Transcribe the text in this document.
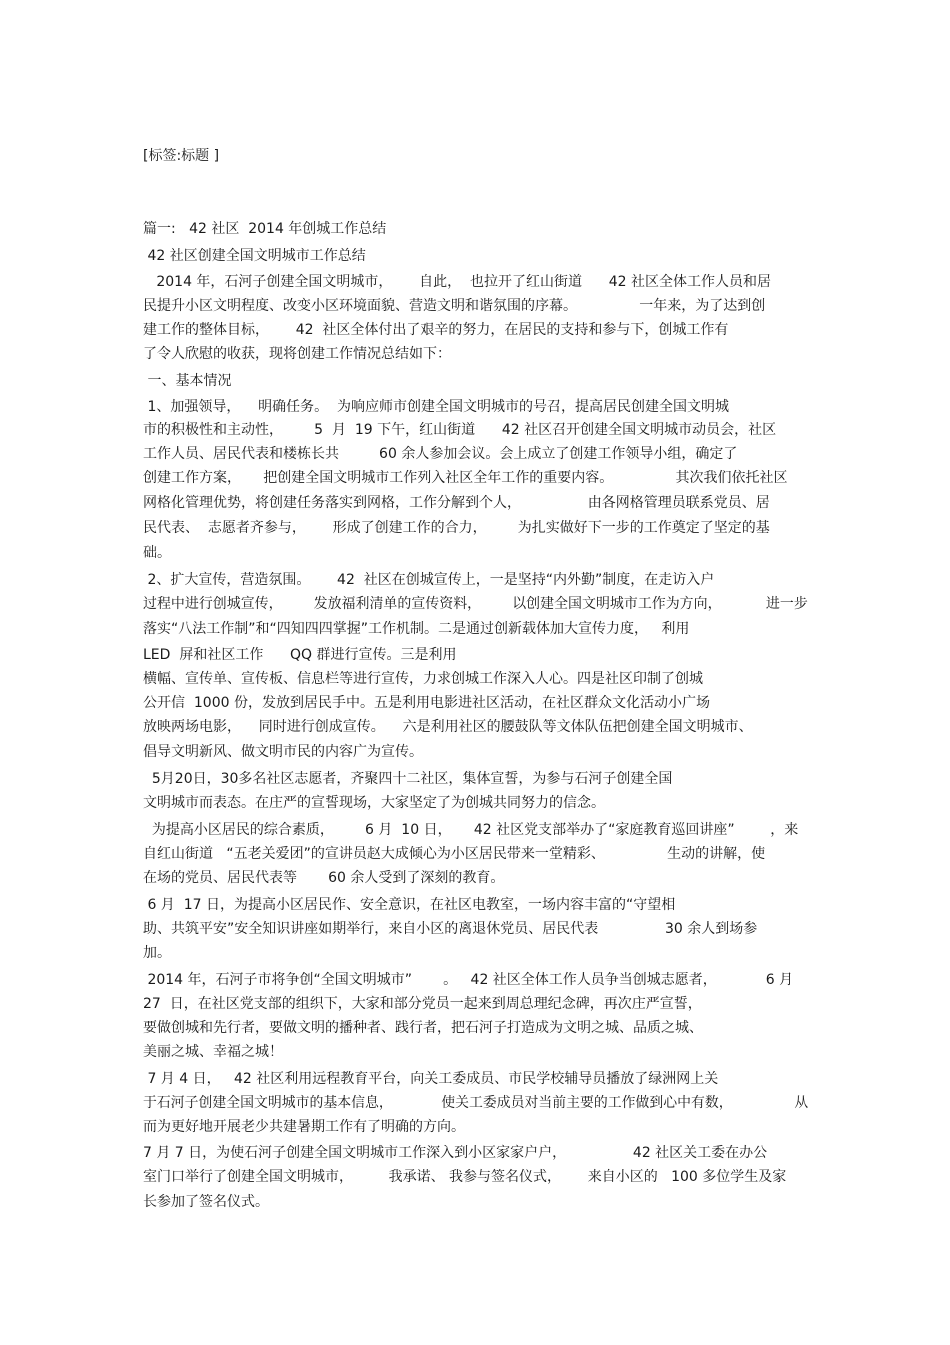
[标签:标题 ]
篇一:   42 社区  2014 年创城工作总结
42 社区创建全国文明城市工作总结
2014 年，石河子创建全国文明城市，      自此，  也拉开了红山街道      42 社区全体工作人员和居
民提升小区文明程度、改变小区环境面貌、营造文明和谐氛围的序幕。              一年来，为了达到创
建工作的整体目标，      42  社区全体付出了艰辛的努力，在居民的支持和参与下，创城工作有
了令人欣慰的收获，现将创建工作情况总结如下：
一、基本情况
1、加强领导，    明确任务。  为响应师市创建全国文明城市的号召，提高居民创建全国文明城
市的积极性和主动性，       5  月  19 下午，红山街道      42 社区召开创建全国文明城市动员会，社区
工作人员、居民代表和楼栋长共         60 余人参加会议。会上成立了创建工作领导小组，确定了
创建工作方案，     把创建全国文明城市工作列入社区全年工作的重要内容。              其次我们依托社区
网格化管理优势，将创建任务落实到网格，工作分解到个人，               由各网格管理员联系党员、居
民代表、  志愿者齐参与，      形成了创建工作的合力，       为扎实做好下一步的工作奠定了坚定的基
础。
2、扩大宣传，营造氛围。      42  社区在创城宣传上，一是坚持“内外勤”制度，在走访入户
过程中进行创城宣传，       发放福利清单的宣传资料，       以创建全国文明城市工作为方向，          进一步
落实“八法工作制”和“四知四四掌握”工作机制。二是通过创新载体加大宣传力度，   利用
LED  屏和社区工作      QQ 群进行宣传。三是利用
横幅、宣传单、宣传板、信息栏等进行宣传，力求创城工作深入人心。四是社区印制了创城
公开信  1000 份，发放到居民手中。五是利用电影进社区活动，在社区群众文化活动小广场
放映两场电影，    同时进行创成宣传。    六是利用社区的腰鼓队等文体队伍把创建全国文明城市、
倡导文明新风、做文明市民的内容广为宣传。
5月20日，30多名社区志愿者，齐聚四十二社区，集体宣誓，为参与石河子创建全国
文明城市而表态。在庄严的宣誓现场，大家坚定了为创城共同努力的信念。
为提高小区居民的综合素质，       6 月  10 日，     42 社区党支部举办了“家庭教育巡回讲座”        ，来
自红山街道   “五老关爱团”的宣讲员赵大成倾心为小区居民带来一堂精彩、              生动的讲解，使
在场的党员、居民代表等       60 余人受到了深刻的教育。
6 月  17 日，为提高小区居民作、安全意识，在社区电教室，一场内容丰富的“守望相
助、共筑平安”安全知识讲座如期举行，来自小区的离退休党员、居民代表               30 余人到场参
加。
2014 年，石河子市将争创“全国文明城市”       。   42 社区全体工作人员争当创城志愿者，           6 月
27  日，在社区党支部的组织下，大家和部分党员一起来到周总理纪念碑，再次庄严宣誓，
要做创城和先行者，要做文明的播种者、践行者，把石河子打造成为文明之城、品质之城、
美丽之城、幸福之城！
7 月 4 日，   42 社区利用远程教育平台，向关工委成员、市民学校辅导员播放了绿洲网上关
于石河子创建全国文明城市的基本信息，           使关工委成员对当前主要的工作做到心中有数，              从
而为更好地开展老少共建暑期工作有了明确的方向。
7 月 7 日，为使石河子创建全国文明城市工作深入到小区家家户户，               42 社区关工委在办公
室门口举行了创建全国文明城市，        我承诺、 我参与签名仪式，      来自小区的   100 多位学生及家
长参加了签名仪式。
